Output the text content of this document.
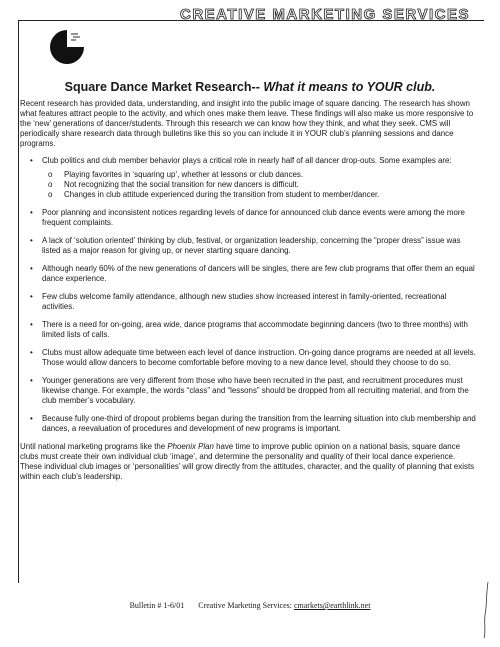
CREATIVE MARKETING SERVICES
Square Dance Market Research-- What it means to YOUR club.

Recent research has provided data, understanding, and insight into the public image of square dancing. The research has shown what features attract people to the activity, and which ones make them leave. These findings will also make us more responsive to the ‘new’ generations of dancer/students. Through this research we can know how they think, and what they seek. CMS will periodically share research data through bulletins like this so you can include it in YOUR club’s planning sessions and dance programs.

• Club politics and club member behavior plays a critical role in nearly half of all dancer drop-outs. Some examples are:
o Playing favorites in ‘squaring up’, whether at lessons or club dances.
o Not recognizing that the social transition for new dancers is difficult.
o Changes in club attitude experienced during the transition from student to member/dancer.
• Poor planning and inconsistent notices regarding levels of dance for announced club dance events were among the more frequent complaints.
• A lack of ‘solution oriented’ thinking by club, festival, or organization leadership, concerning the “proper dress” issue was listed as a major reason for giving up, or never starting square dancing.
• Although nearly 60% of the new generations of dancers will be singles, there are few club programs that offer them an equal dance experience.
• Few clubs welcome family attendance, although new studies show increased interest in family-oriented, recreational activities.
• There is a need for on-going, area wide, dance programs that accommodate beginning dancers (two to three months) with limited lists of calls.
• Clubs must allow adequate time between each level of dance instruction. On-going dance programs are needed at all levels. Those would allow dancers to become comfortable before moving to a new dance level, should they choose to do so.
• Younger generations are very different from those who have been recruited in the past, and recruitment procedures must likewise change. For example, the words “class” and “lessons” should be dropped from all recruiting material, and from the club member’s vocabulary.
• Because fully one-third of dropout problems began during the transition from the learning situation into club membership and dances, a reevaluation of procedures and development of new programs is important.

Until national marketing programs like the Phoenix Plan have time to improve public opinion on a national basis, square dance clubs must create their own individual club ‘image’, and determine the personality and quality of their local dance experience. These individual club images or ‘personalities’ will grow directly from the attitudes, character, and the quality of planning that exists within each club’s leadership.

Bulletin # 1-6/01 Creative Marketing Services: cmarkets@earthlink.net
